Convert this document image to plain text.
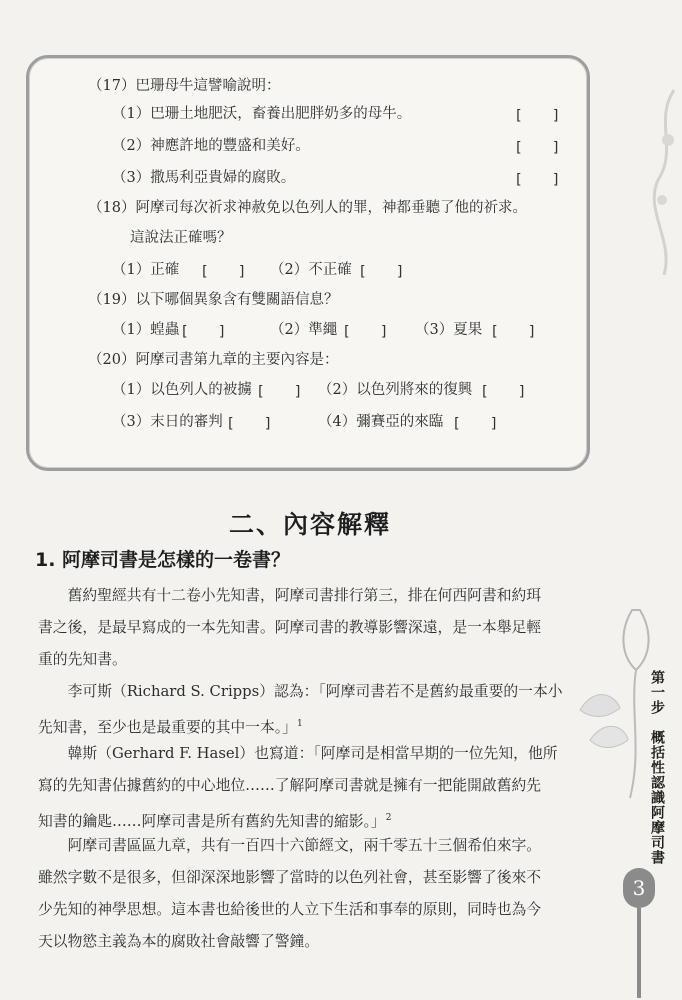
（17）巴珊母牛這譬喻說明：
（1）巴珊土地肥沃，畜養出肥胖奶多的母牛。	[　　]
（2）神應許地的豐盛和美好。	[　　]
（3）撒馬利亞貴婦的腐敗。	[　　]
（18）阿摩司每次祈求神赦免以色列人的罪，神都垂聽了他的祈求。
這說法正確嗎？
（1）正確 [　　] （2）不正確 [　　]
（19）以下哪個異象含有雙關語信息？
（1）蝗蟲 [　　]	（2）準繩 [　　] （3）夏果 [　　]
（20）阿摩司書第九章的主要內容是：
（1）以色列人的被擄 [　　] （2）以色列將來的復興 [　　]
（3）末日的審判 [　　]	（4）彌賽亞的來臨 [　　]
二、內容解釋
1. 阿摩司書是怎樣的一卷書？

舊約聖經共有十二卷小先知書，阿摩司書排行第三，排在何西阿書和約珥

書之後，是最早寫成的一本先知書。阿摩司書的教導影響深遠，是一本舉足輕

重的先知書。

李可斯（Richard S. Cripps）認為：「阿摩司書若不是舊約最重要的一本小

先知書，至少也是最重要的其中一本。」$^1$

韓斯（Gerhard F. Hasel）也寫道：「阿摩司是相當早期的一位先知，他所

寫的先知書佔據舊約的中心地位……了解阿摩司書就是擁有一把能開啟舊約先

知書的鑰匙……阿摩司書是所有舊約先知書的縮影。」$^2$

阿摩司書區區九章，共有一百四十六節經文，兩千零五十三個希伯來字。

雖然字數不是很多，但卻深深地影響了當時的以色列社會，甚至影響了後來不

少先知的神學思想。這本書也給後世的人立下生活和事奉的原則，同時也為今

天以物慾主義為本的腐敗社會敲響了警鐘。

第一步　概括性認識阿摩司書
3
